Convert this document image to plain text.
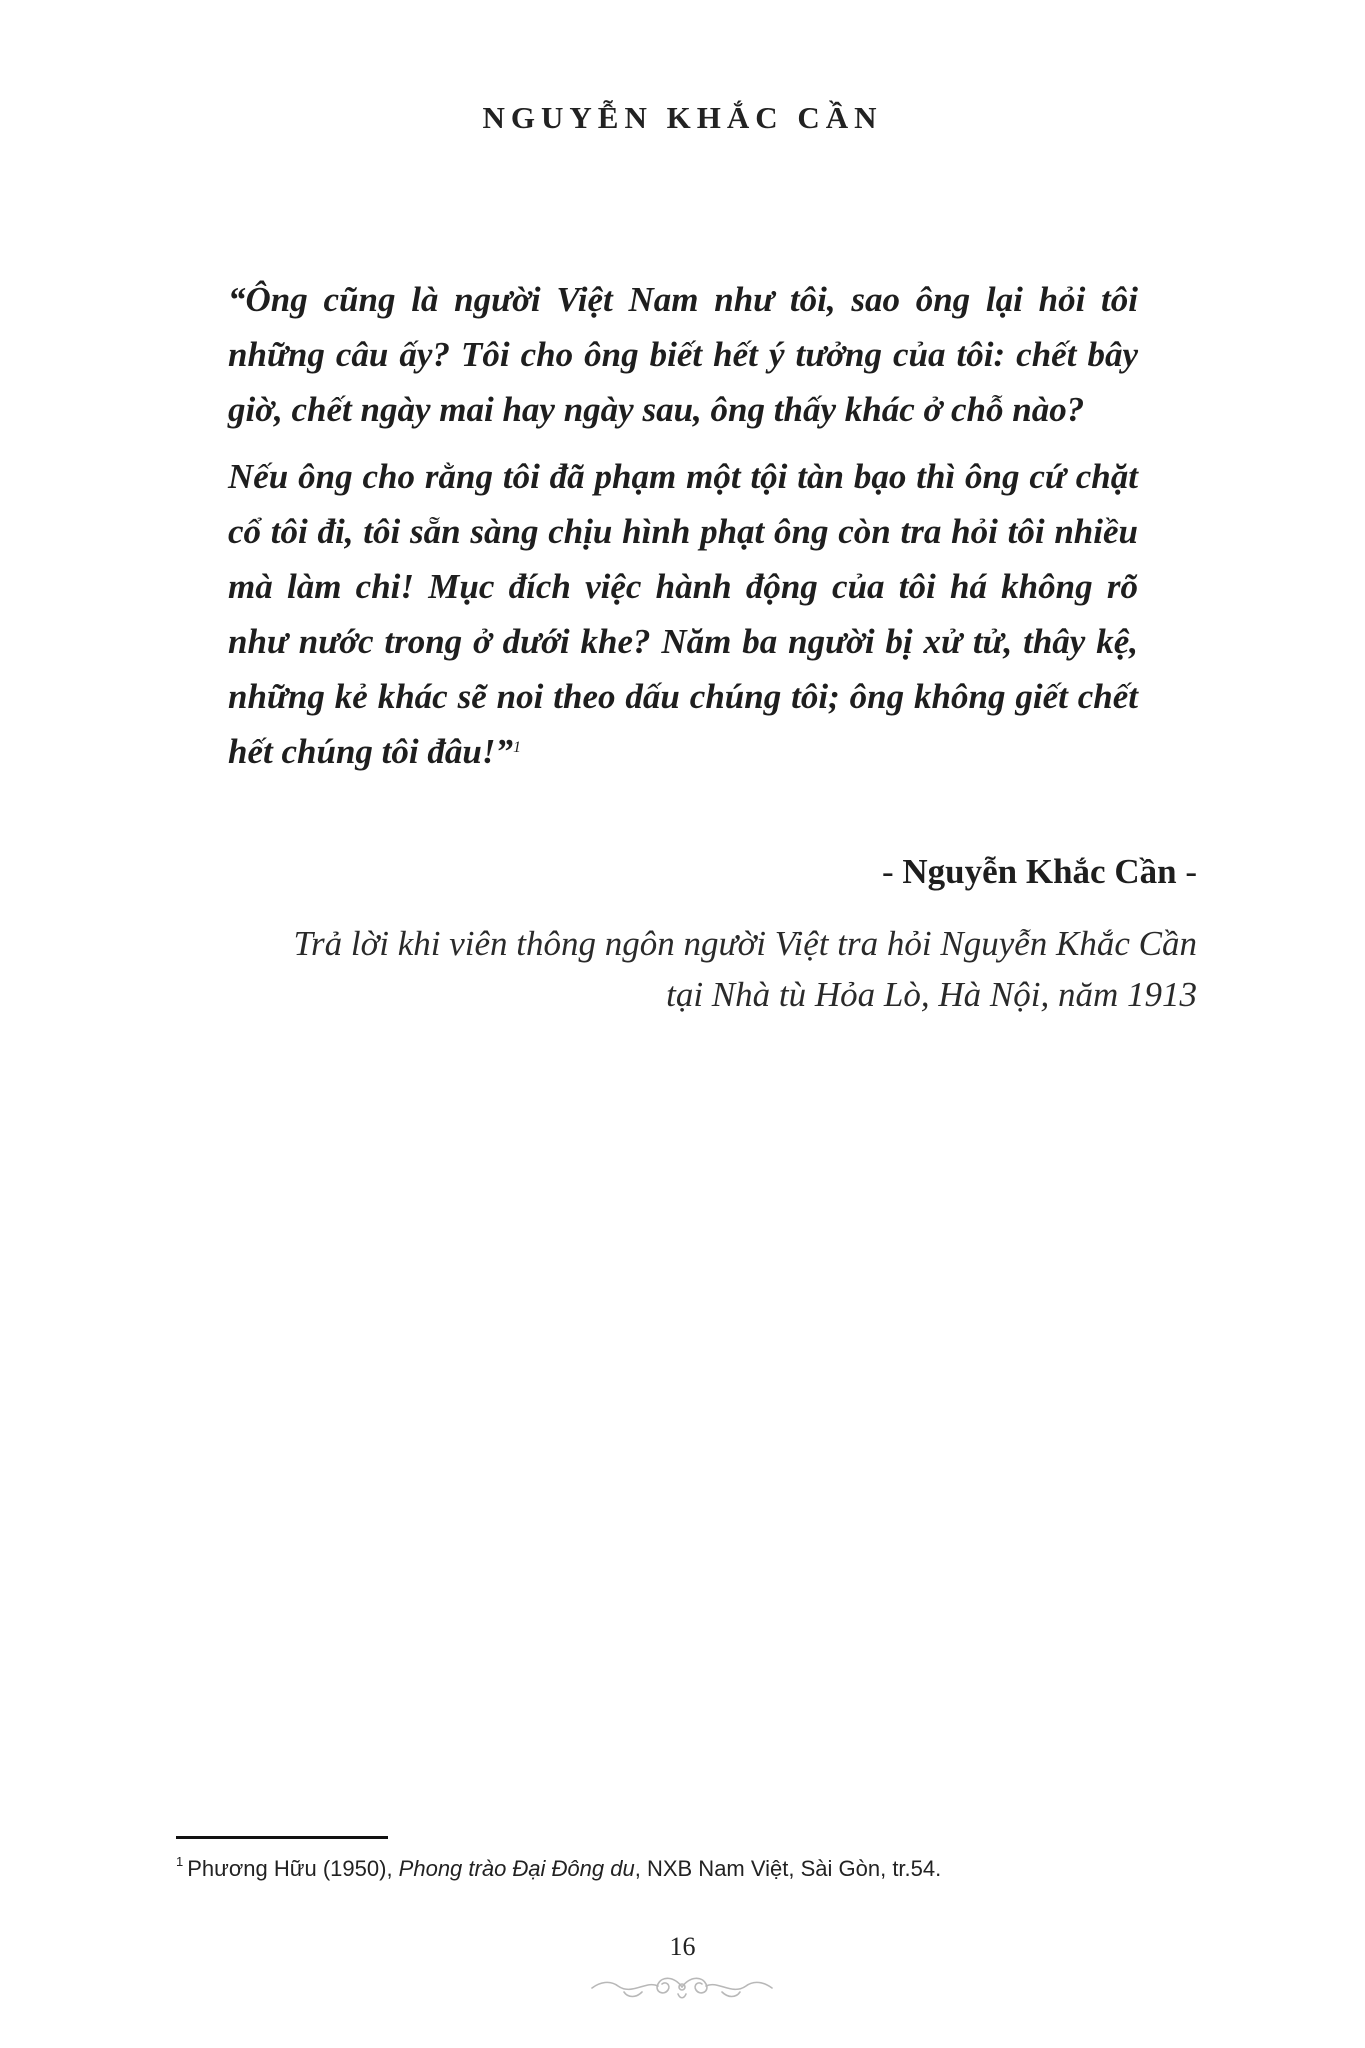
NGUYỄN KHẮC CẦN

“Ông cũng là người Việt Nam như tôi, sao ông lại hỏi tôi những câu ấy? Tôi cho ông biết hết ý tưởng của tôi: chết bây giờ, chết ngày mai hay ngày sau, ông thấy khác ở chỗ nào?

Nếu ông cho rằng tôi đã phạm một tội tàn bạo thì ông cứ chặt cổ tôi đi, tôi sẵn sàng chịu hình phạt ông còn tra hỏi tôi nhiều mà làm chi! Mục đích việc hành động của tôi há không rõ như nước trong ở dưới khe? Năm ba người bị xử tử, thây kệ, những kẻ khác sẽ noi theo dấu chúng tôi; ông không giết chết hết chúng tôi đâu!”$^1$

- Nguyễn Khắc Cần -
Trả lời khi viên thông ngôn người Việt tra hỏi Nguyễn Khắc Cần
tại Nhà tù Hỏa Lò, Hà Nội, năm 1913
$^1$ Phương Hữu (1950), Phong trào Đại Đông du, NXB Nam Việt, Sài Gòn, tr.54.
16
